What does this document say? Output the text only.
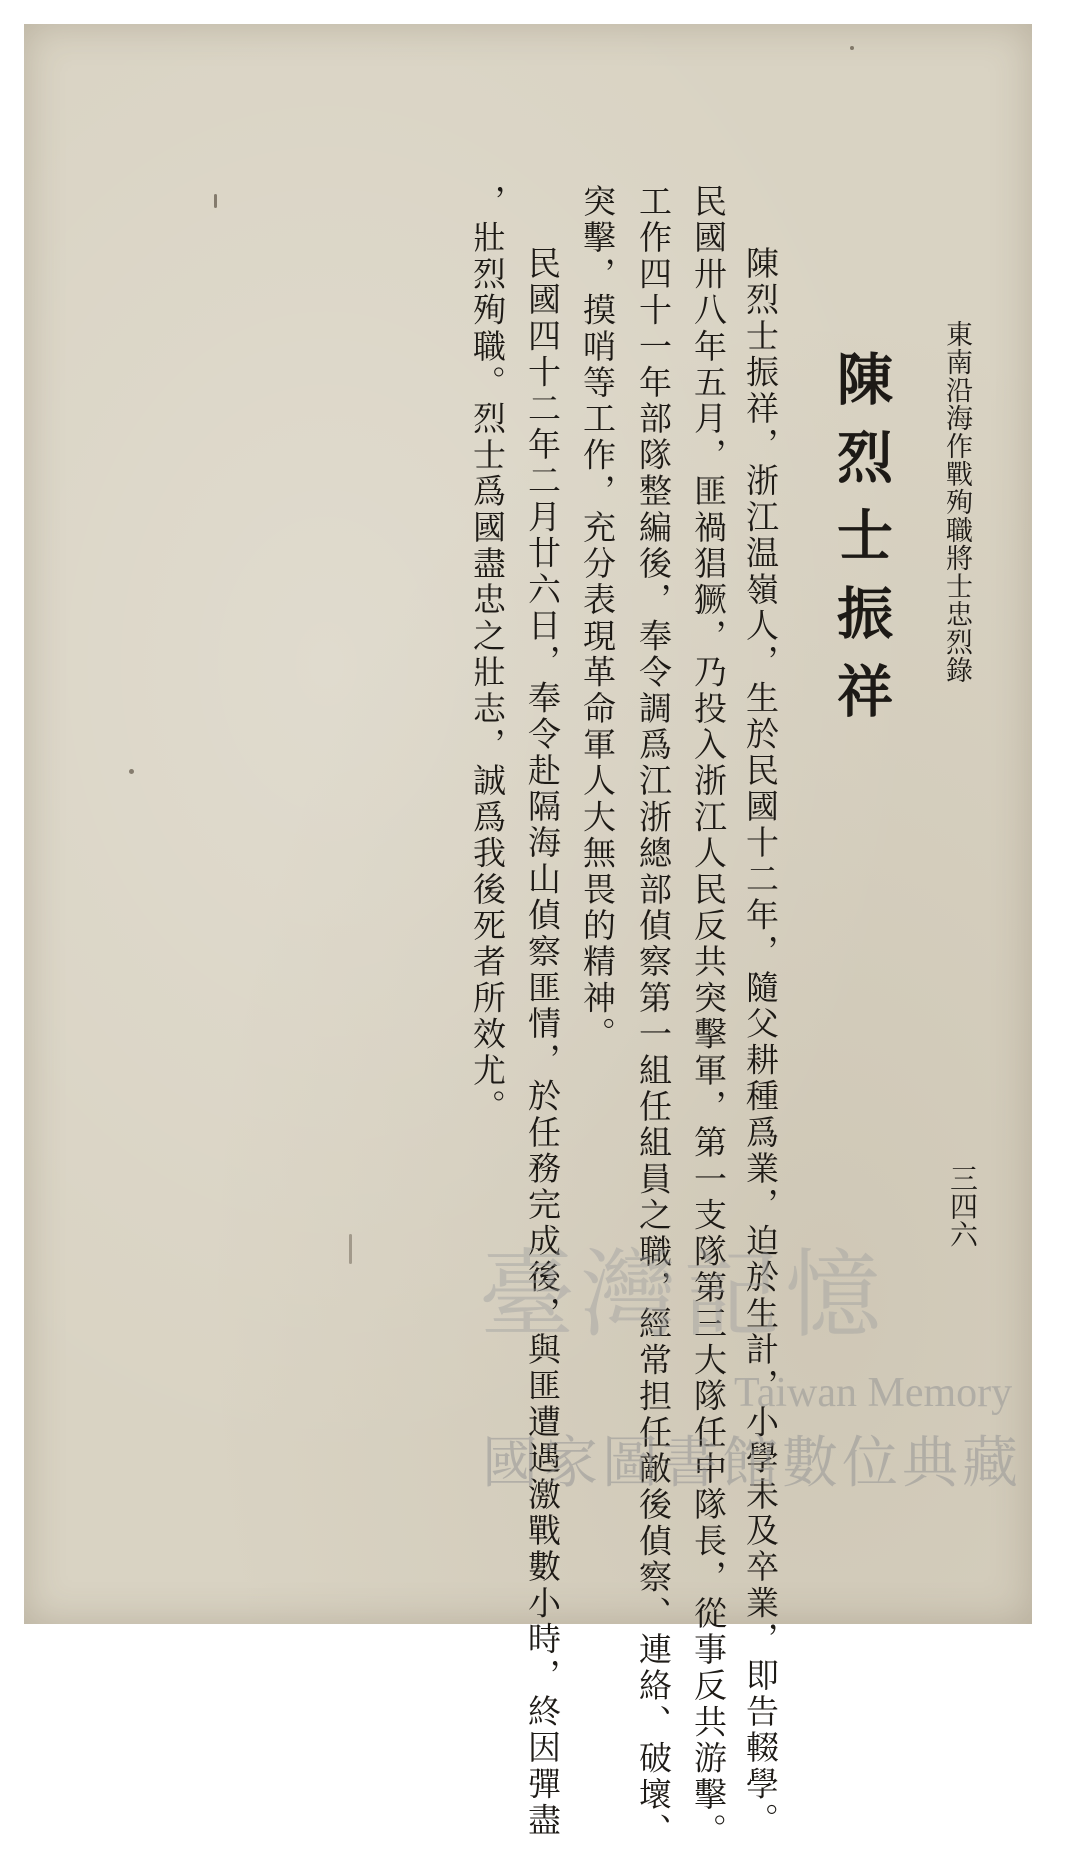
東南沿海作戰殉職將士忠烈錄
三四六
陳烈士振祥
陳烈士振祥，浙江温嶺人，生於民國十二年，隨父耕種爲業，迫於生計，小學未及卒業，即告輟學。
民國卅八年五月，匪禍猖獗，乃投入浙江人民反共突擊軍，第一支隊第三大隊任中隊長，從事反共游擊。
工作四十一年部隊整編後，奉令調爲江浙總部偵察第一組任組員之職，經常担任敵後偵察、連絡、破壞、
突擊，摸哨等工作，充分表現革命軍人大無畏的精神。
民國四十二年二月廿六日，奉令赴隔海山偵察匪情，於任務完成後，與匪遭遇激戰數小時，終因彈盡
，壯烈殉職。烈士爲國盡忠之壯志，誠爲我後死者所效尤。
臺灣記憶
Taiwan Memory
國家圖書館數位典藏
